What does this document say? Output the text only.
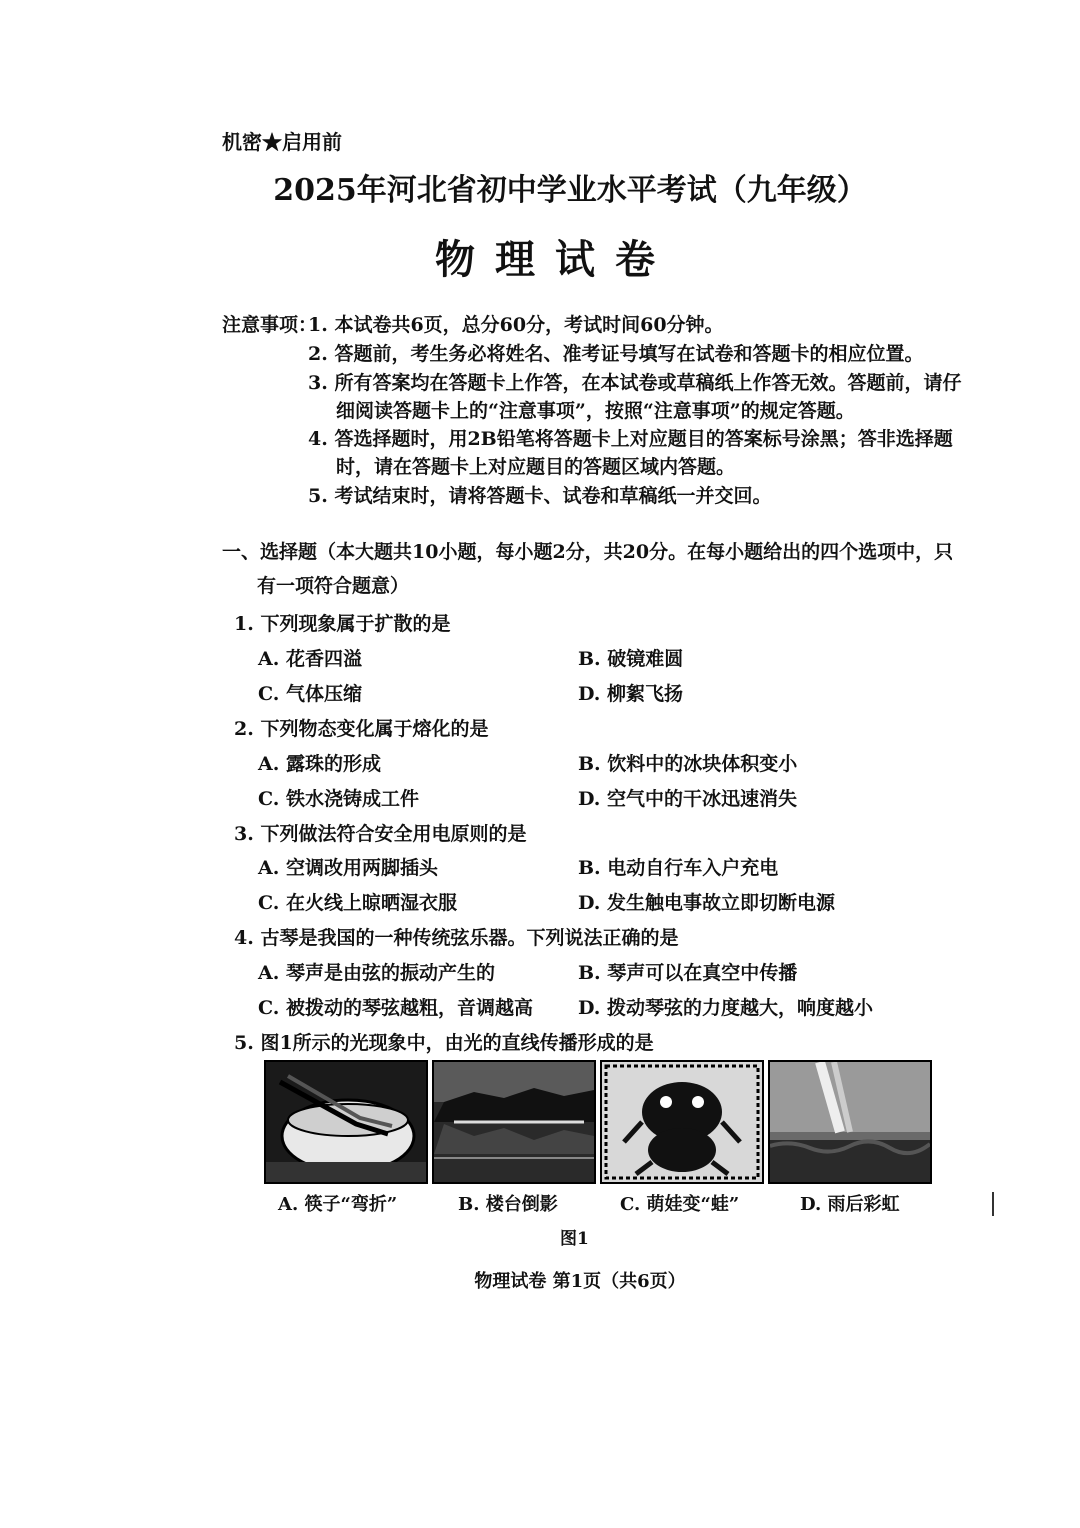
机密★启用前
2025年河北省初中学业水平考试（九年级）
物理试卷
注意事项：
1. 本试卷共6页，总分60分，考试时间60分钟。
2. 答题前，考生务必将姓名、准考证号填写在试卷和答题卡的相应位置。
3. 所有答案均在答题卡上作答，在本试卷或草稿纸上作答无效。答题前，请仔
细阅读答题卡上的“注意事项”，按照“注意事项”的规定答题。
4. 答选择题时，用2B铅笔将答题卡上对应题目的答案标号涂黑；答非选择题
时，请在答题卡上对应题目的答题区域内答题。
5. 考试结束时，请将答题卡、试卷和草稿纸一并交回。
一、选择题（本大题共10小题，每小题2分，共20分。在每小题给出的四个选项中，只
有一项符合题意）
1. 下列现象属于扩散的是
A. 花香四溢	B. 破镜难圆
C. 气体压缩	D. 柳絮飞扬
2. 下列物态变化属于熔化的是
A. 露珠的形成	B. 饮料中的冰块体积变小
C. 铁水浇铸成工件	D. 空气中的干冰迅速消失
3. 下列做法符合安全用电原则的是
A. 空调改用两脚插头	B. 电动自行车入户充电
C. 在火线上晾晒湿衣服	D. 发生触电事故立即切断电源
4. 古琴是我国的一种传统弦乐器。下列说法正确的是
A. 琴声是由弦的振动产生的	B. 琴声可以在真空中传播
C. 被拨动的琴弦越粗，音调越高 D. 拨动琴弦的力度越大，响度越小
5. 图1所示的光现象中，由光的直线传播形成的是
A. 筷子“弯折”	B. 楼台倒影	C. 萌娃变“蛙”	D. 雨后彩虹
图1
物理试卷 第1页（共6页）
